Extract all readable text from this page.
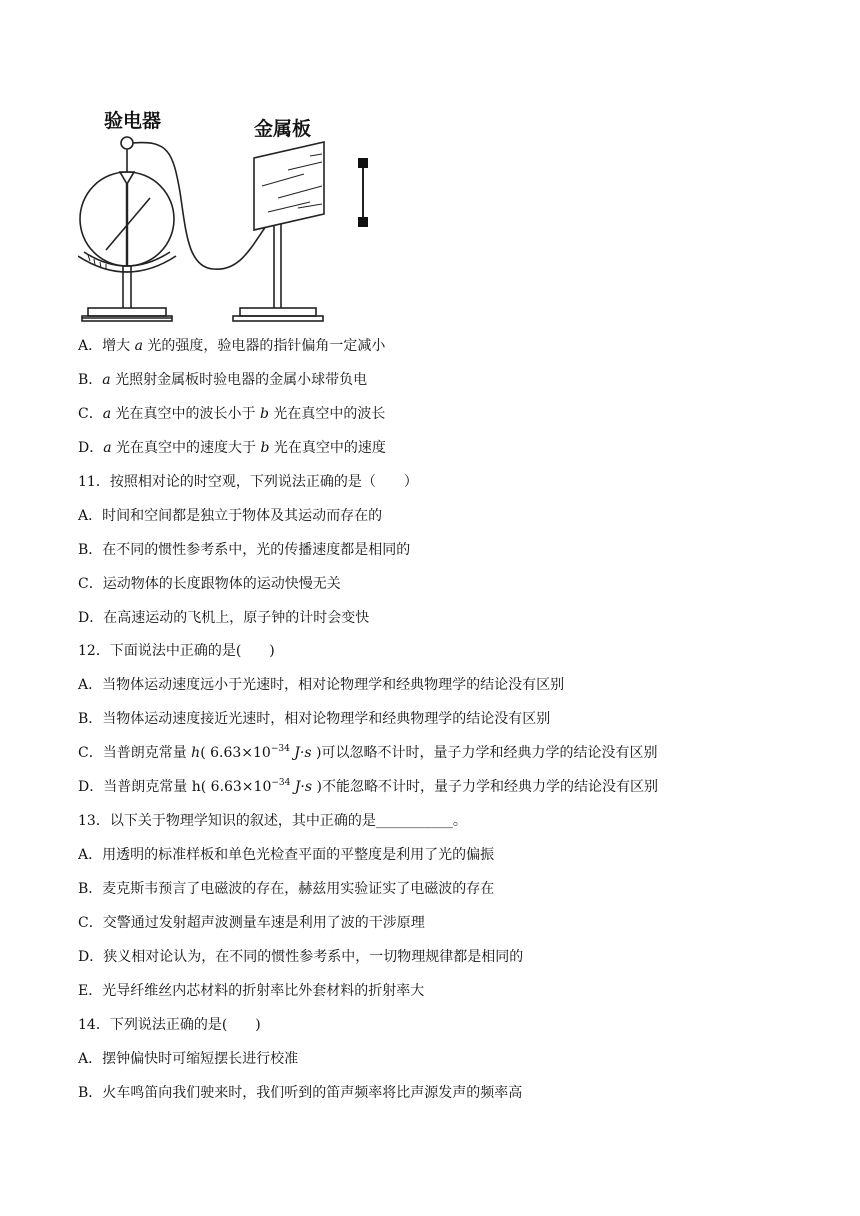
验电器	金属板
A．增大 a 光的强度，验电器的指针偏角一定减小
B．a 光照射金属板时验电器的金属小球带负电
C．a 光在真空中的波长小于 b 光在真空中的波长
D．a 光在真空中的速度大于 b 光在真空中的速度
11．按照相对论的时空观，下列说法正确的是（　　）
A．时间和空间都是独立于物体及其运动而存在的
B．在不同的惯性参考系中，光的传播速度都是相同的
C．运动物体的长度跟物体的运动快慢无关
D．在高速运动的飞机上，原子钟的计时会变快
12．下面说法中正确的是(　　)
A．当物体运动速度远小于光速时，相对论物理学和经典物理学的结论没有区别
B．当物体运动速度接近光速时，相对论物理学和经典物理学的结论没有区别
C．当普朗克常量 h( $6.63\times 10^{-34}$ J·s )可以忽略不计时，量子力学和经典力学的结论没有区别
D．当普朗克常量 h( $6.63\times 10^{-34}$ J·s )不能忽略不计时，量子力学和经典力学的结论没有区别
13．以下关于物理学知识的叙述，其中正确的是___________。
A．用透明的标准样板和单色光检查平面的平整度是利用了光的偏振
B．麦克斯韦预言了电磁波的存在，赫兹用实验证实了电磁波的存在
C．交警通过发射超声波测量车速是利用了波的干涉原理
D．狭义相对论认为，在不同的惯性参考系中，一切物理规律都是相同的
E．光导纤维丝内芯材料的折射率比外套材料的折射率大
14．下列说法正确的是(　　)
A．摆钟偏快时可缩短摆长进行校准
B．火车鸣笛向我们驶来时，我们听到的笛声频率将比声源发声的频率高
